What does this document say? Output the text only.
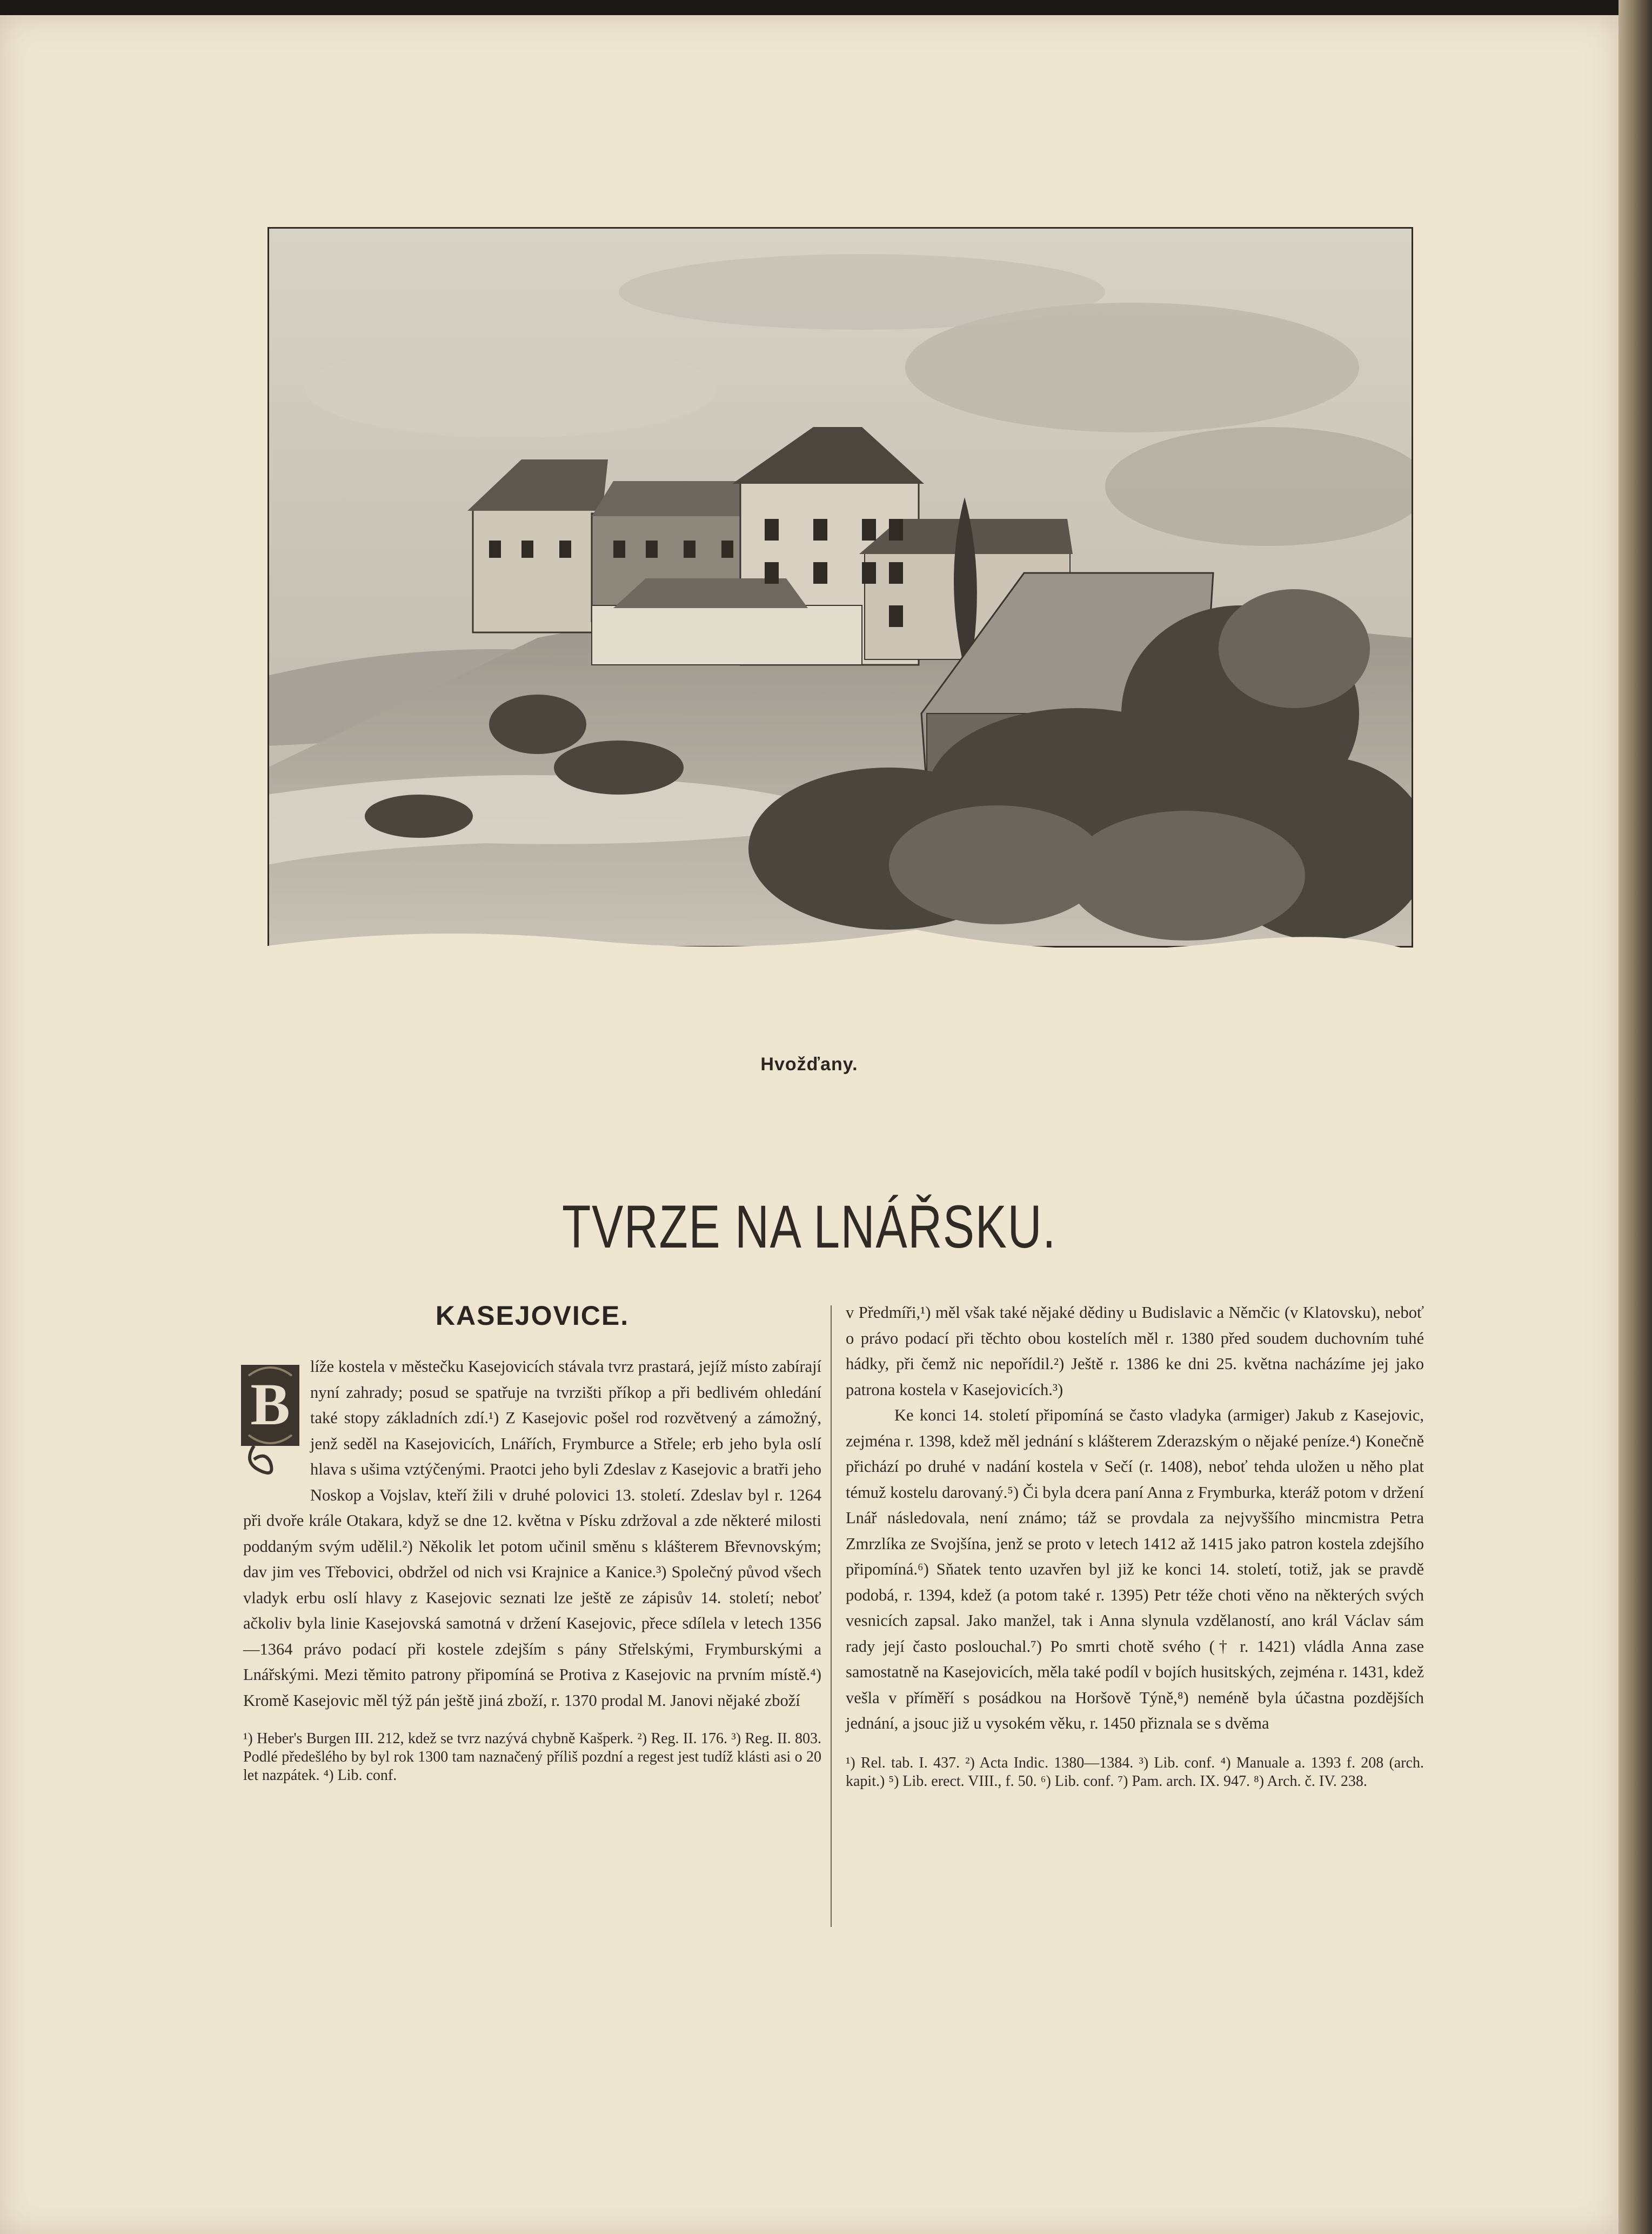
Hvožďany.
TVRZE NA LNÁŘSKU.
KASEJOVICE.

B
líže kostela v městečku Kasejovicích stávala tvrz prastará, jejíž místo zabírají nyní zahrady; posud se spatřuje na tvrzišti příkop a při bedlivém ohledání také stopy základních zdí.¹) Z Kasejovic pošel rod rozvětvený a zámožný, jenž seděl na Kasejovicích, Lnářích, Frymburce a Střele; erb jeho byla oslí hlava s ušima vztýčenými. Praotci jeho byli Zdeslav z Kasejovic a bratři jeho Noskop a Vojslav, kteří žili v druhé polovici 13. století. Zdeslav byl r. 1264 při dvoře krále Otakara, když se dne 12. května v Písku zdržoval a zde některé milosti poddaným svým udělil.²) Několik let potom učinil směnu s klášterem Břevnovským; dav jim ves Třebovici, obdržel od nich vsi Krajnice a Kanice.³) Společný původ všech vladyk erbu oslí hlavy z Kasejovic seznati lze ještě ze zápisův 14. století; neboť ačkoliv byla linie Kasejovská samotná v držení Kasejovic, přece sdílela v letech 1356—1364 právo podací při kostele zdejším s pány Střelskými, Frymburskými a Lnářskými. Mezi těmito patrony připomíná se Protiva z Kasejovic na prvním místě.⁴) Kromě Kasejovic měl týž pán ještě jiná zboží, r. 1370 prodal M. Janovi nějaké zboží

¹) Heber's Burgen III. 212, kdež se tvrz nazývá chybně Kašperk. ²) Reg. II. 176. ³) Reg. II. 803. Podlé předešlého by byl rok 1300 tam naznačený příliš pozdní a regest jest tudíž klásti asi o 20 let nazpátek. ⁴) Lib. conf.

v Předmíři,¹) měl však také nějaké dědiny u Budislavic a Němčic (v Klatovsku), neboť o právo podací při těchto obou kostelích měl r. 1380 před soudem duchovním tuhé hádky, při čemž nic nepořídil.²) Ještě r. 1386 ke dni 25. května nacházíme jej jako patrona kostela v Kasejovicích.³)

Ke konci 14. století připomíná se často vladyka (armiger) Jakub z Kasejovic, zejména r. 1398, kdež měl jednání s klášterem Zderazským o nějaké peníze.⁴) Konečně přichází po druhé v nadání kostela v Sečí (r. 1408), neboť tehda uložen u něho plat témuž kostelu darovaný.⁵) Či byla dcera paní Anna z Frymburka, kteráž potom v držení Lnář následovala, není známo; táž se provdala za nejvyššího mincmistra Petra Zmrzlíka ze Svojšína, jenž se proto v letech 1412 až 1415 jako patron kostela zdejšího připomíná.⁶) Sňatek tento uzavřen byl již ke konci 14. století, totiž, jak se pravdě podobá, r. 1394, kdež (a potom také r. 1395) Petr téže choti věno na některých svých vesnicích zapsal. Jako manžel, tak i Anna slynula vzdělaností, ano král Václav sám rady její často poslouchal.⁷) Po smrti chotě svého († r. 1421) vládla Anna zase samostatně na Kasejovicích, měla také podíl v bojích husitských, zejména r. 1431, kdež vešla v příměří s posádkou na Horšově Týně,⁸) neméně byla účastna pozdějších jednání, a jsouc již u vysokém věku, r. 1450 přiznala se s dvěma

¹) Rel. tab. I. 437. ²) Acta Indic. 1380—1384. ³) Lib. conf. ⁴) Manuale a. 1393 f. 208 (arch. kapit.) ⁵) Lib. erect. VIII., f. 50. ⁶) Lib. conf. ⁷) Pam. arch. IX. 947. ⁸) Arch. č. IV. 238.
